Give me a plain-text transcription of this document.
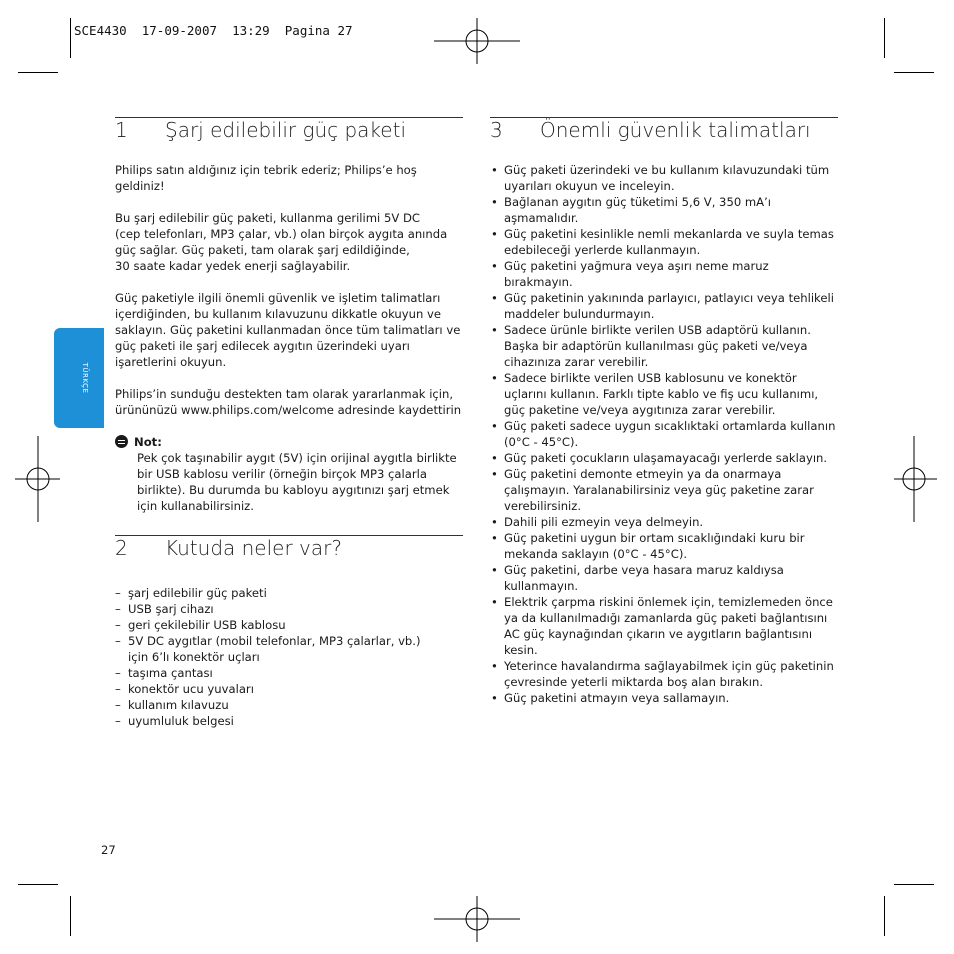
SCE4430 17-09-2007 13:29 Pagina 27
TÜRKÇE
1	Şarj edilebilir güç paketi
Philips satın aldığınız için tebrik ederiz; Philips’e hoş
geldiniz!
Bu şarj edilebilir güç paketi, kullanma gerilimi 5V DC
(cep telefonları, MP3 çalar, vb.) olan birçok aygıta anında
güç sağlar. Güç paketi, tam olarak şarj edildiğinde,
30 saate kadar yedek enerji sağlayabilir.
Güç paketiyle ilgili önemli güvenlik ve işletim talimatları
içerdiğinden, bu kullanım kılavuzunu dikkatle okuyun ve
saklayın. Güç paketini kullanmadan önce tüm talimatları ve
güç paketi ile şarj edilecek aygıtın üzerindeki uyarı
işaretlerini okuyun.
Philips’in sunduğu destekten tam olarak yararlanmak için,
ürününüzü www.philips.com/welcome adresinde kaydettirin
Not:
Pek çok taşınabilir aygıt (5V) için orijinal aygıtla birlikte
bir USB kablosu verilir (örneğin birçok MP3 çalarla
birlikte). Bu durumda bu kabloyu aygıtınızı şarj etmek
için kullanabilirsiniz.
2	Kutuda neler var?
– şarj edilebilir güç paketi
– USB şarj cihazı
– geri çekilebilir USB kablosu
– 5V DC aygıtlar (mobil telefonlar, MP3 çalarlar, vb.)
için 6’lı konektör uçları
– taşıma çantası
– konektör ucu yuvaları
– kullanım kılavuzu
– uyumluluk belgesi
3	Önemli güvenlik talimatları
• Güç paketi üzerindeki ve bu kullanım kılavuzundaki tüm
uyarıları okuyun ve inceleyin.
• Bağlanan aygıtın güç tüketimi 5,6 V, 350 mA’ı
aşmamalıdır.
• Güç paketini kesinlikle nemli mekanlarda ve suyla temas
edebileceği yerlerde kullanmayın.
• Güç paketini yağmura veya aşırı neme maruz bırakmayın.
• Güç paketinin yakınında parlayıcı, patlayıcı veya tehlikeli
maddeler bulundurmayın.
• Sadece ürünle birlikte verilen USB adaptörü kullanın.
Başka bir adaptörün kullanılması güç paketi ve/veya
cihazınıza zarar verebilir.
• Sadece birlikte verilen USB kablosunu ve konektör
uçlarını kullanın. Farklı tipte kablo ve fiş ucu kullanımı,
güç paketine ve/veya aygıtınıza zarar verebilir.
• Güç paketi sadece uygun sıcaklıktaki ortamlarda kullanın
(0°C - 45°C).
• Güç paketi çocukların ulaşamayacağı yerlerde saklayın.
• Güç paketini demonte etmeyin ya da onarmaya
çalışmayın. Yaralanabilirsiniz veya güç paketine zarar
verebilirsiniz.
• Dahili pili ezmeyin veya delmeyin.
• Güç paketini uygun bir ortam sıcaklığındaki kuru bir
mekanda saklayın (0°C - 45°C).
• Güç paketini, darbe veya hasara maruz kaldıysa
kullanmayın.
• Elektrik çarpma riskini önlemek için, temizlemeden önce
ya da kullanılmadığı zamanlarda güç paketi bağlantısını
AC güç kaynağından çıkarın ve aygıtların bağlantısını
kesin.
• Yeterince havalandırma sağlayabilmek için güç paketinin
çevresinde yeterli miktarda boş alan bırakın.
• Güç paketini atmayın veya sallamayın.
27
